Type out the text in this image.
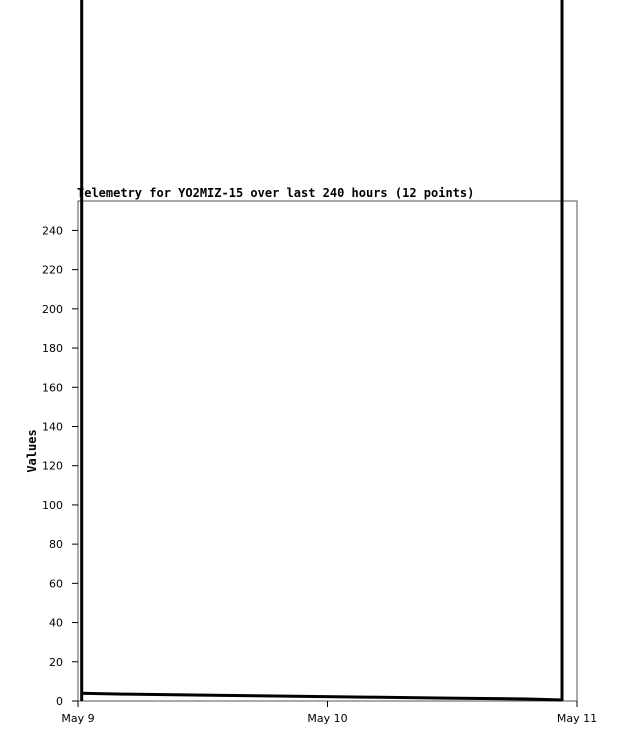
Telemetry for YO2MIZ-15 over last 240 hours (12 points)
Values
0
20
40
60
80
100
120
140
160
180
200
220
240
May 9	May 10	May 11
